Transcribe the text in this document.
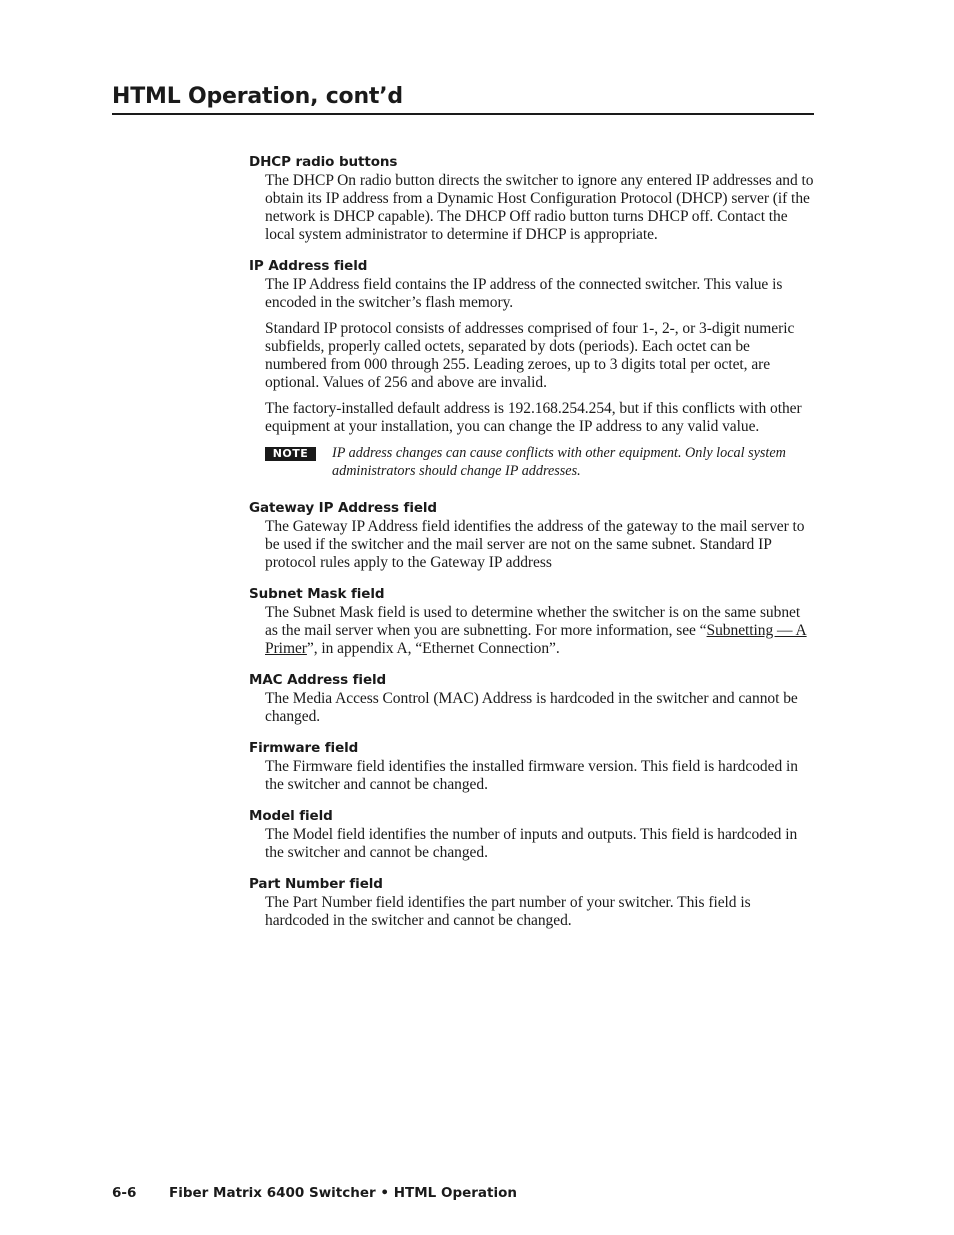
HTML Operation, cont’d
DHCP radio buttons

The DHCP On radio button directs the switcher to ignore any entered IP addresses and to obtain its IP address from a Dynamic Host Configuration Protocol (DHCP) server (if the network is DHCP capable). The DHCP Off radio button turns DHCP off. Contact the local system administrator to determine if DHCP is appropriate.

IP Address field

The IP Address field contains the IP address of the connected switcher. This value is encoded in the switcher’s flash memory.

Standard IP protocol consists of addresses comprised of four 1-, 2-, or 3-digit numeric subfields, properly called octets, separated by dots (periods). Each octet can be numbered from 000 through 255. Leading zeroes, up to 3 digits total per octet, are optional. Values of 256 and above are invalid.

The factory-installed default address is 192.168.254.254, but if this conflicts with other equipment at your installation, you can change the IP address to any valid value.

NOTE	IP address changes can cause conflicts with other equipment. Only local system administrators should change IP addresses.
Gateway IP Address field

The Gateway IP Address field identifies the address of the gateway to the mail server to be used if the switcher and the mail server are not on the same subnet. Standard IP protocol rules apply to the Gateway IP address

Subnet Mask field

The Subnet Mask field is used to determine whether the switcher is on the same subnet as the mail server when you are subnetting. For more information, see “Subnetting — A Primer”, in appendix A, “Ethernet Connection”.

MAC Address field

The Media Access Control (MAC) Address is hardcoded in the switcher and cannot be changed.

Firmware field

The Firmware field identifies the installed firmware version. This field is hardcoded in the switcher and cannot be changed.

Model field

The Model field identifies the number of inputs and outputs. This field is hardcoded in the switcher and cannot be changed.

Part Number field

The Part Number field identifies the part number of your switcher. This field is hardcoded in the switcher and cannot be changed.

6-6 Fiber Matrix 6400 Switcher • HTML Operation
